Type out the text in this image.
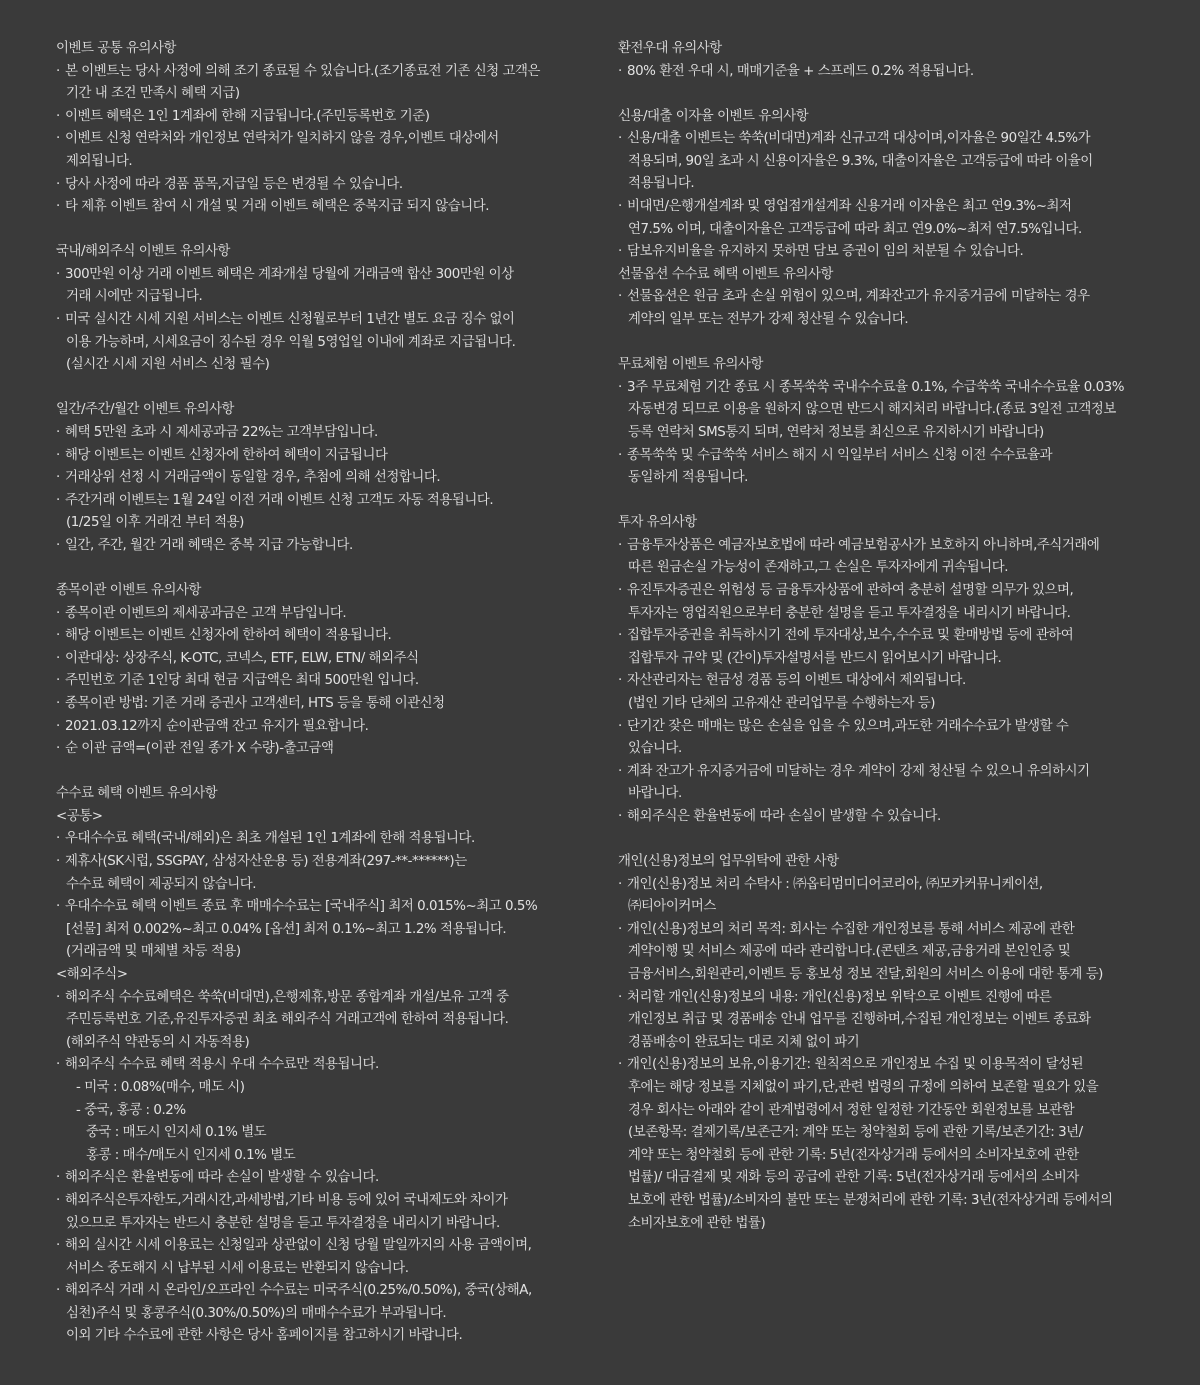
이벤트 공통 유의사항
· 본 이벤트는 당사 사정에 의해 조기 종료될 수 있습니다.(조기종료전 기존 신청 고객은
기간 내 조건 만족시 혜택 지급)
· 이벤트 혜택은 1인 1계좌에 한해 지급됩니다.(주민등록번호 기준)
· 이벤트 신청 연락처와 개인정보 연락처가 일치하지 않을 경우,이벤트 대상에서
제외됩니다.
· 당사 사정에 따라 경품 품목,지급일 등은 변경될 수 있습니다.
· 타 제휴 이벤트 참여 시 개설 및 거래 이벤트 혜택은 중복지급 되지 않습니다.
국내/해외주식 이벤트 유의사항
· 300만원 이상 거래 이벤트 혜택은 계좌개설 당월에 거래금액 합산 300만원 이상
거래 시에만 지급됩니다.
· 미국 실시간 시세 지원 서비스는 이벤트 신청월로부터 1년간 별도 요금 징수 없이
이용 가능하며, 시세요금이 징수된 경우 익월 5영업일 이내에 계좌로 지급됩니다.
(실시간 시세 지원 서비스 신청 필수)
일간/주간/월간 이벤트 유의사항
· 혜택 5만원 초과 시 제세공과금 22%는 고객부담입니다.
· 해당 이벤트는 이벤트 신청자에 한하여 혜택이 지급됩니다
· 거래상위 선정 시 거래금액이 동일할 경우, 추첨에 의해 선정합니다.
· 주간거래 이벤트는 1월 24일 이전 거래 이벤트 신청 고객도 자동 적용됩니다.
(1/25일 이후 거래건 부터 적용)
· 일간, 주간, 월간 거래 혜택은 중복 지급 가능합니다.
종목이관 이벤트 유의사항
· 종목이관 이벤트의 제세공과금은 고객 부담입니다.
· 해당 이벤트는 이벤트 신청자에 한하여 혜택이 적용됩니다.
· 이관대상: 상장주식, K-OTC, 코넥스, ETF, ELW, ETN/ 해외주식
· 주민번호 기준 1인당 최대 현금 지급액은 최대 500만원 입니다.
· 종목이관 방법: 기존 거래 증권사 고객센터, HTS 등을 통해 이관신청
· 2021.03.12까지 순이관금액 잔고 유지가 필요합니다.
· 순 이관 금액=(이관 전일 종가 X 수량)-출고금액
수수료 혜택 이벤트 유의사항
<공통>
· 우대수수료 혜택(국내/해외)은 최초 개설된 1인 1계좌에 한해 적용됩니다.
· 제휴사(SK시럽, SSGPAY, 삼성자산운용 등) 전용계좌(297-**-******)는
수수료 혜택이 제공되지 않습니다.
· 우대수수료 혜택 이벤트 종료 후 매매수수료는 [국내주식] 최저 0.015%~최고 0.5%
[선물] 최저 0.002%~최고 0.04% [옵션] 최저 0.1%~최고 1.2% 적용됩니다.
(거래금액 및 매체별 차등 적용)
<해외주식>
· 해외주식 수수료혜택은 쑥쑥(비대면),은행제휴,방문 종합계좌 개설/보유 고객 중
주민등록번호 기준,유진투자증권 최초 해외주식 거래고객에 한하여 적용됩니다.
(해외주식 약관동의 시 자동적용)
· 해외주식 수수료 혜택 적용시 우대 수수료만 적용됩니다.
- 미국 : 0.08%(매수, 매도 시)
- 중국, 홍콩 : 0.2%
중국 : 매도시 인지세 0.1% 별도
홍콩 : 매수/매도시 인지세 0.1% 별도
· 해외주식은 환율변동에 따라 손실이 발생할 수 있습니다.
· 해외주식은투자한도,거래시간,과세방법,기타 비용 등에 있어 국내제도와 차이가
있으므로 투자자는 반드시 충분한 설명을 듣고 투자결정을 내리시기 바랍니다.
· 해외 실시간 시세 이용료는 신청일과 상관없이 신청 당월 말일까지의 사용 금액이며,
서비스 중도해지 시 납부된 시세 이용료는 반환되지 않습니다.
· 해외주식 거래 시 온라인/오프라인 수수료는 미국주식(0.25%/0.50%), 중국(상해A,
심천)주식 및 홍콩주식(0.30%/0.50%)의 매매수수료가 부과됩니다.
이외 기타 수수료에 관한 사항은 당사 홈페이지를 참고하시기 바랍니다.
환전우대 유의사항
· 80% 환전 우대 시, 매매기준율 + 스프레드 0.2% 적용됩니다.
신용/대출 이자율 이벤트 유의사항
· 신용/대출 이벤트는 쑥쑥(비대면)계좌 신규고객 대상이며,이자율은 90일간 4.5%가
적용되며, 90일 초과 시 신용이자율은 9.3%, 대출이자율은 고객등급에 따라 이율이
적용됩니다.
· 비대면/은행개설계좌 및 영업점개설계좌 신용거래 이자율은 최고 연9.3%~최저
연7.5% 이며, 대출이자율은 고객등급에 따라 최고 연9.0%~최저 연7.5%입니다.
· 담보유지비율을 유지하지 못하면 담보 증권이 임의 처분될 수 있습니다.
선물옵션 수수료 혜택 이벤트 유의사항
· 선물옵션은 원금 초과 손실 위험이 있으며, 계좌잔고가 유지증거금에 미달하는 경우
계약의 일부 또는 전부가 강제 청산될 수 있습니다.
무료체험 이벤트 유의사항
· 3주 무료체험 기간 종료 시 종목쑥쑥 국내수수료율 0.1%, 수급쑥쑥 국내수수료율 0.03%
자동변경 되므로 이용을 원하지 않으면 반드시 해지처리 바랍니다.(종료 3일전 고객정보
등록 연락처 SMS통지 되며, 연락처 정보를 최신으로 유지하시기 바랍니다)
· 종목쑥쑥 및 수급쑥쑥 서비스 해지 시 익일부터 서비스 신청 이전 수수료율과
동일하게 적용됩니다.
투자 유의사항
· 금융투자상품은 예금자보호법에 따라 예금보험공사가 보호하지 아니하며,주식거래에
따른 원금손실 가능성이 존재하고,그 손실은 투자자에게 귀속됩니다.
· 유진투자증권은 위험성 등 금융투자상품에 관하여 충분히 설명할 의무가 있으며,
투자자는 영업직원으로부터 충분한 설명을 듣고 투자결정을 내리시기 바랍니다.
· 집합투자증권을 취득하시기 전에 투자대상,보수,수수료 및 환매방법 등에 관하여
집합투자 규약 및 (간이)투자설명서를 반드시 읽어보시기 바랍니다.
· 자산관리자는 현금성 경품 등의 이벤트 대상에서 제외됩니다.
(법인 기타 단체의 고유재산 관리업무를 수행하는자 등)
· 단기간 잦은 매매는 많은 손실을 입을 수 있으며,과도한 거래수수료가 발생할 수
있습니다.
· 계좌 잔고가 유지증거금에 미달하는 경우 계약이 강제 청산될 수 있으니 유의하시기
바랍니다.
· 해외주식은 환율변동에 따라 손실이 발생할 수 있습니다.
개인(신용)정보의 업무위탁에 관한 사항
· 개인(신용)정보 처리 수탁사 : ㈜옵티멈미디어코리아, ㈜모카커뮤니케이션,
㈜티아이커머스
· 개인(신용)정보의 처리 목적: 회사는 수집한 개인정보를 통해 서비스 제공에 관한
계약이행 및 서비스 제공에 따라 관리합니다.(콘텐츠 제공,금융거래 본인인증 및
금융서비스,회원관리,이벤트 등 홍보성 정보 전달,회원의 서비스 이용에 대한 통계 등)
· 처리할 개인(신용)정보의 내용: 개인(신용)정보 위탁으로 이벤트 진행에 따른
개인정보 취급 및 경품배송 안내 업무를 진행하며,수집된 개인정보는 이벤트 종료화
경품배송이 완료되는 대로 지체 없이 파기
· 개인(신용)정보의 보유,이용기간: 원칙적으로 개인정보 수집 및 이용목적이 달성된
후에는 해당 정보를 지체없이 파기,단,관련 법령의 규정에 의하여 보존할 필요가 있을
경우 회사는 아래와 같이 관계법령에서 정한 일정한 기간동안 회원정보를 보관함
(보존항목: 결제기록/보존근거: 계약 또는 청약철회 등에 관한 기록/보존기간: 3년/
계약 또는 청약철회 등에 관한 기록: 5년(전자상거래 등에서의 소비자보호에 관한
법률)/ 대금결제 및 재화 등의 공급에 관한 기록: 5년(전자상거래 등에서의 소비자
보호에 관한 법률)/소비자의 불만 또는 분쟁처리에 관한 기록: 3년(전자상거래 등에서의
소비자보호에 관한 법률)
